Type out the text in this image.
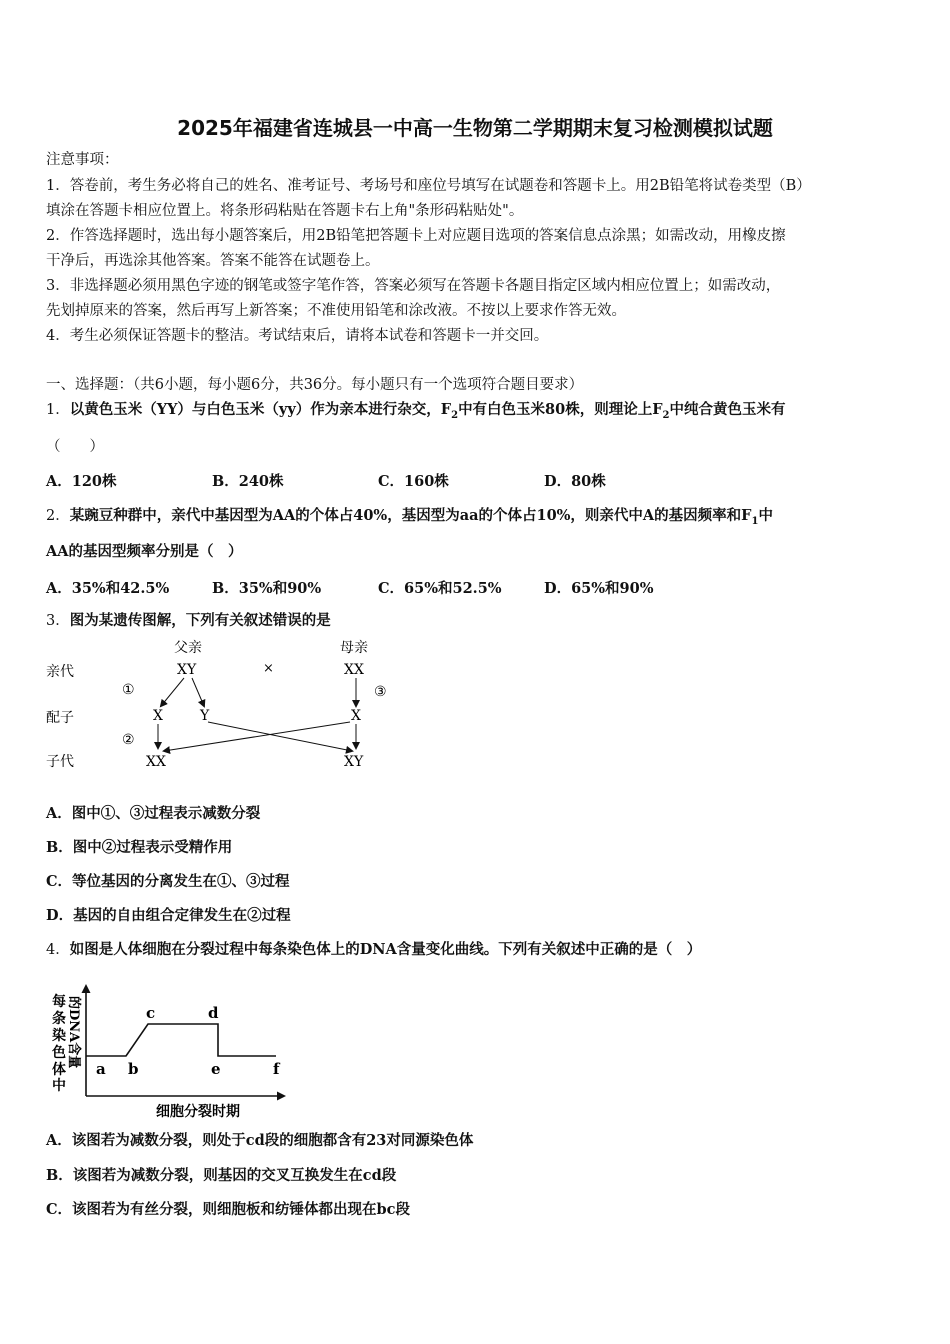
2025年福建省连城县一中高一生物第二学期期末复习检测模拟试题
注意事项：
1．答卷前，考生务必将自己的姓名、准考证号、考场号和座位号填写在试题卷和答题卡上。用2B铅笔将试卷类型（B）
填涂在答题卡相应位置上。将条形码粘贴在答题卡右上角"条形码粘贴处"。
2．作答选择题时，选出每小题答案后，用2B铅笔把答题卡上对应题目选项的答案信息点涂黑；如需改动，用橡皮擦
干净后，再选涂其他答案。答案不能答在试题卷上。
3．非选择题必须用黑色字迹的钢笔或签字笔作答，答案必须写在答题卡各题目指定区域内相应位置上；如需改动，
先划掉原来的答案，然后再写上新答案；不准使用铅笔和涂改液。不按以上要求作答无效。
4．考生必须保证答题卡的整洁。考试结束后，请将本试卷和答题卡一并交回。
一、选择题：（共6小题，每小题6分，共36分。每小题只有一个选项符合题目要求）
1．以黄色玉米（YY）与白色玉米（yy）作为亲本进行杂交，$F_2$中有白色玉米80株，则理论上$F_2$中纯合黄色玉米有
（　　）
A．120株	B．240株	C．160株	D．80株
2．某豌豆种群中，亲代中基因型为AA的个体占40%，基因型为aa的个体占10%，则亲代中A的基因频率和$F_1$中
AA的基因型频率分别是（　）
A．35%和42.5%	B．35%和90%	C．65%和52.5%	D．65%和90%
3．图为某遗传图解，下列有关叙述错误的是
亲代
配子
子代
父亲	母亲
XY	XX
×
①	③
②
X	Y	X
XX	XY
A．图中①、③过程表示减数分裂
B．图中②过程表示受精作用
C．等位基因的分离发生在①、③过程
D．基因的自由组合定律发生在②过程
4．如图是人体细胞在分裂过程中每条染色体上的DNA含量变化曲线。下列有关叙述中正确的是（　）
每
条
染
色
体
中
的DNA含量
a b
c	d
e	f
细胞分裂时期
A．该图若为减数分裂，则处于cd段的细胞都含有23对同源染色体
B．该图若为减数分裂，则基因的交叉互换发生在cd段
C．该图若为有丝分裂，则细胞板和纺锤体都出现在bc段
